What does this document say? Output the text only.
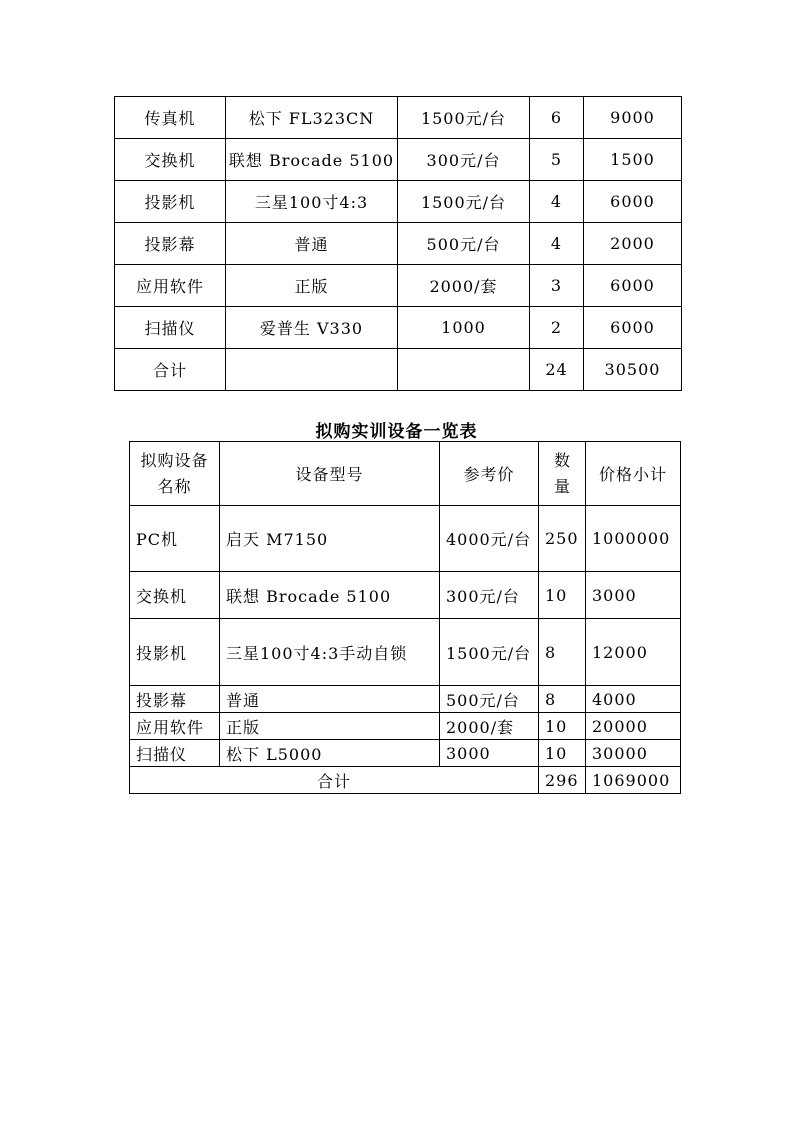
传真机	松下 FL323CN	1500元/台	6	9000
交换机	联想 Brocade 5100	300元/台	5	1500
投影机	三星100寸4:3	1500元/台	4	6000
投影幕	普通	500元/台	4	2000
应用软件	正版	2000/套	3	6000
扫描仪	爱普生 V330	1000	2	6000
合计			24	30500
拟购实训设备一览表
拟购设备名称	设备型号	参考价	数量	价格小计
PC机	启天 M7150	4000元/台	250	1000000
交换机	联想 Brocade 5100	300元/台	10	3000
投影机	三星100寸4:3手动自锁	1500元/台	8	12000
投影幕	普通	500元/台	8	4000
应用软件	正版	2000/套	10	20000
扫描仪	松下 L5000	3000	10	30000
合计			296	1069000
